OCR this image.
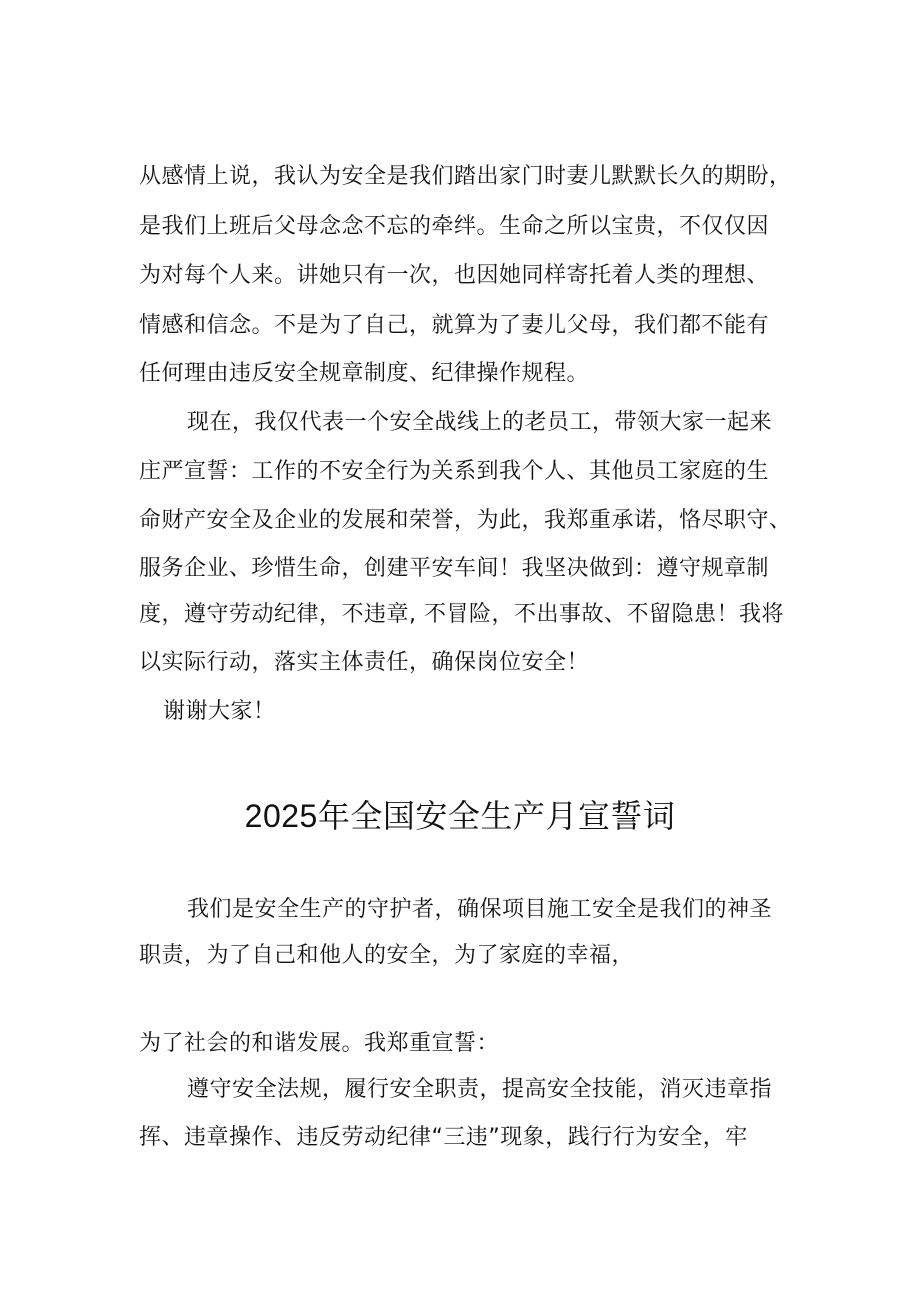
从感情上说，我认为安全是我们踏出家门时妻儿默默长久的期盼，
是我们上班后父母念念不忘的牵绊。生命之所以宝贵，不仅仅因
为对每个人来。讲她只有一次，也因她同样寄托着人类的理想、
情感和信念。不是为了自己，就算为了妻儿父母，我们都不能有
任何理由违反安全规章制度、纪律操作规程。
现在，我仅代表一个安全战线上的老员工，带领大家一起来
庄严宣誓：工作的不安全行为关系到我个人、其他员工家庭的生
命财产安全及企业的发展和荣誉，为此，我郑重承诺，恪尽职守、
服务企业、珍惜生命，创建平安车间！我坚决做到：遵守规章制
度，遵守劳动纪律，不违章, 不冒险，不出事故、不留隐患！我将
以实际行动，落实主体责任，确保岗位安全！
谢谢大家！
2025年全国安全生产月宣誓词
我们是安全生产的守护者，确保项目施工安全是我们的神圣
职责，为了自己和他人的安全，为了家庭的幸福，
为了社会的和谐发展。我郑重宣誓：
遵守安全法规，履行安全职责，提高安全技能，消灭违章指
挥、违章操作、违反劳动纪律“三违”现象，践行行为安全，牢
